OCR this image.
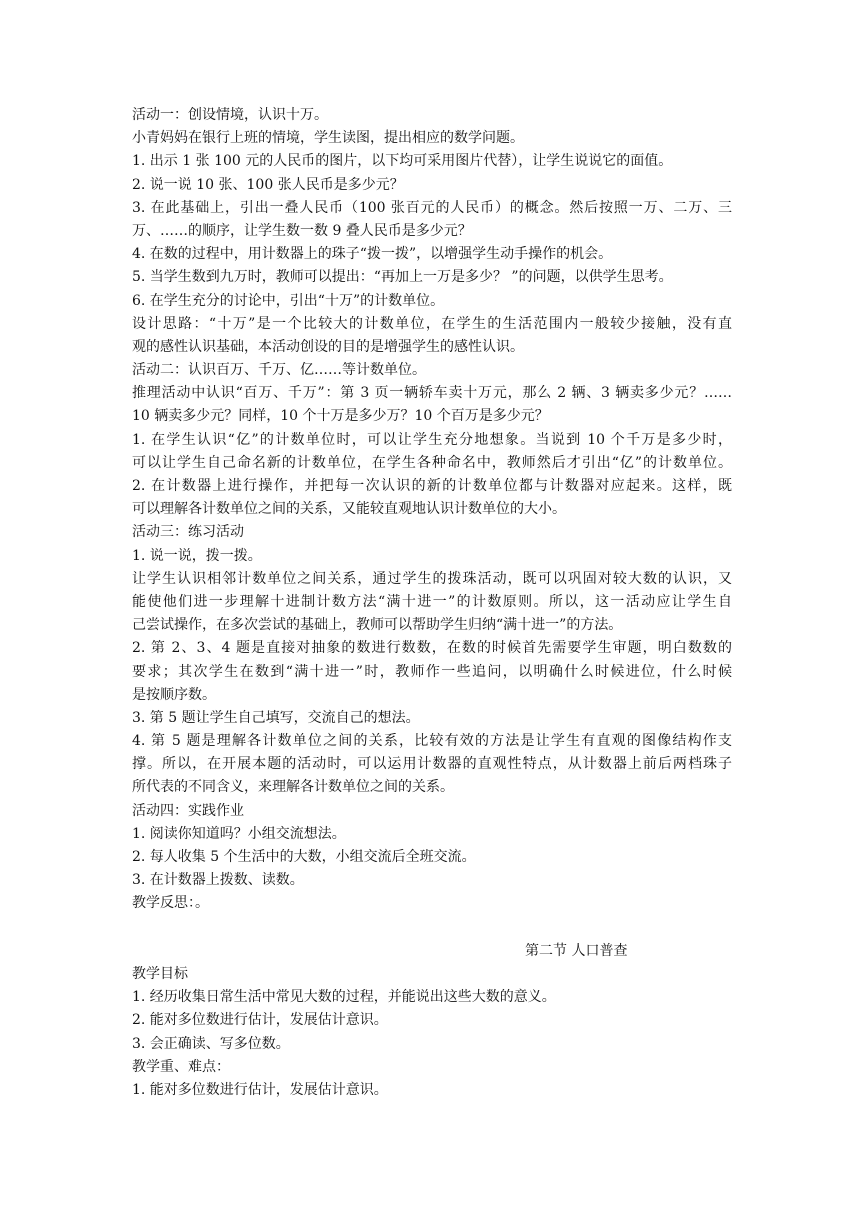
活动一：创设情境，认识十万。
小青妈妈在银行上班的情境，学生读图，提出相应的数学问题。
1. 出示 1 张 100 元的人民币的图片，以下均可采用图片代替），让学生说说它的面值。
2. 说一说 10 张、100 张人民币是多少元？
3. 在此基础上，引出一叠人民币（100 张百元的人民币）的概念。然后按照一万、二万、三
万、……的顺序，让学生数一数 9 叠人民币是多少元？
4. 在数的过程中，用计数器上的珠子“拨一拨”，以增强学生动手操作的机会。
5. 当学生数到九万时，教师可以提出：“再加上一万是多少？ ”的问题，以供学生思考。
6. 在学生充分的讨论中，引出“十万”的计数单位。
设计思路：“十万”是一个比较大的计数单位，在学生的生活范围内一般较少接触，没有直
观的感性认识基础，本活动创设的目的是增强学生的感性认识。
活动二：认识百万、千万、亿……等计数单位。
推理活动中认识“百万、千万”：第 3 页一辆轿车卖十万元，那么 2 辆、3 辆卖多少元？……
10 辆卖多少元？同样，10 个十万是多少万？10 个百万是多少元？
1. 在学生认识“亿”的计数单位时，可以让学生充分地想象。当说到 10 个千万是多少时，
可以让学生自己命名新的计数单位，在学生各种命名中，教师然后才引出“亿”的计数单位。
2. 在计数器上进行操作，并把每一次认识的新的计数单位都与计数器对应起来。这样，既
可以理解各计数单位之间的关系，又能较直观地认识计数单位的大小。
活动三：练习活动
1. 说一说，拨一拨。
让学生认识相邻计数单位之间关系，通过学生的拨珠活动，既可以巩固对较大数的认识，又
能使他们进一步理解十进制计数方法“满十进一”的计数原则。所以，这一活动应让学生自
己尝试操作，在多次尝试的基础上，教师可以帮助学生归纳“满十进一”的方法。
2. 第 2、3、4 题是直接对抽象的数进行数数，在数的时候首先需要学生审题，明白数数的
要求；其次学生在数到“满十进一”时，教师作一些追问，以明确什么时候进位，什么时候
是按顺序数。
3. 第 5 题让学生自己填写，交流自己的想法。
4. 第 5 题是理解各计数单位之间的关系，比较有效的方法是让学生有直观的图像结构作支
撑。所以，在开展本题的活动时，可以运用计数器的直观性特点，从计数器上前后两档珠子
所代表的不同含义，来理解各计数单位之间的关系。
活动四：实践作业
1. 阅读你知道吗？小组交流想法。
2. 每人收集 5 个生活中的大数，小组交流后全班交流。
3. 在计数器上拨数、读数。
教学反思：。
第二节 人口普查
教学目标
1. 经历收集日常生活中常见大数的过程，并能说出这些大数的意义。
2. 能对多位数进行估计，发展估计意识。
3. 会正确读、写多位数。
教学重、难点：
1. 能对多位数进行估计，发展估计意识。
